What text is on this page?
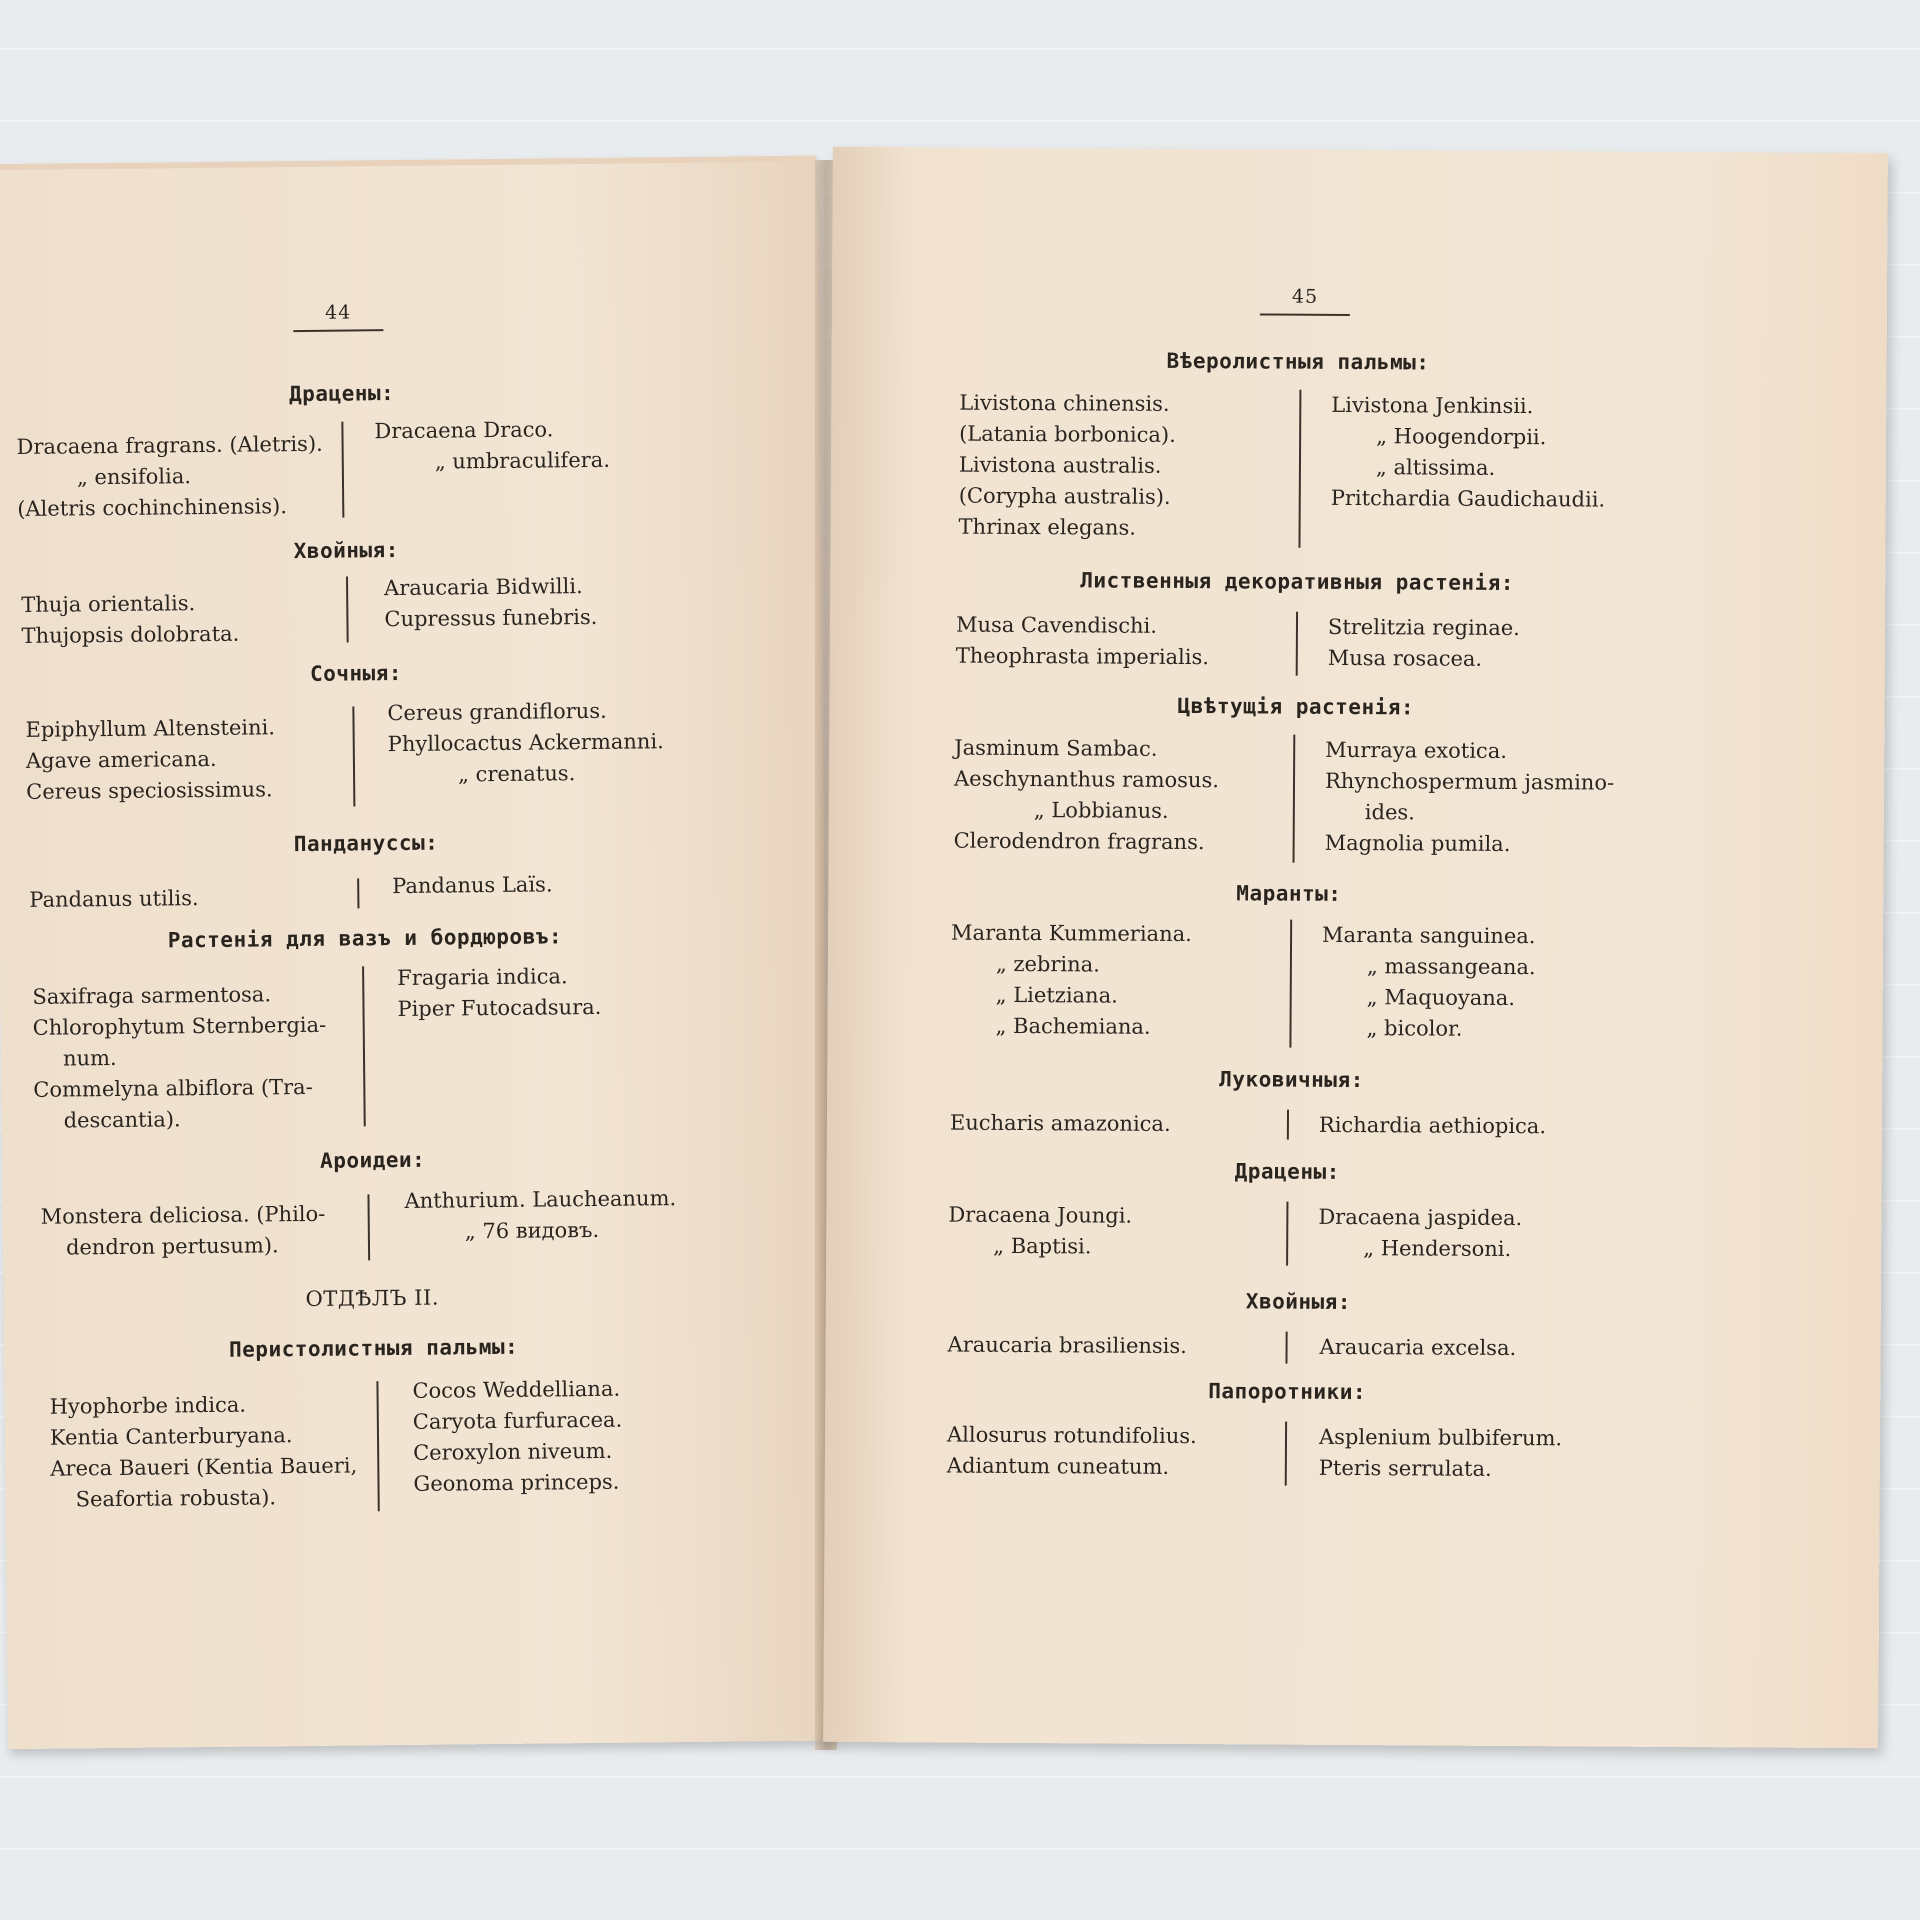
44
Драцены:
Dracaena fragrans. (Aletris).
„ ensifolia.
(Aletris cochinchinensis).
Dracaena Draco.
„ umbraculifera.
Хвойныя:
Thuja orientalis.
Thujopsis dolobrata.
Araucaria Bidwilli.
Cupressus funebris.
Сочныя:
Epiphyllum Altensteini.
Agave americana.
Cereus speciosissimus.
Cereus grandiflorus.
Phyllocactus Ackermanni.
„ crenatus.
Пандануссы:
Pandanus utilis.
Pandanus Laïs.
Растенія для вазъ и бордюровъ:
Saxifraga sarmentosa.
Chlorophytum Sternbergia-
num.
Commelyna albiflora (Tra-
descantia).
Fragaria indica.
Piper Futocadsura.
Ароидеи:
Monstera deliciosa. (Philo-
dendron pertusum).
Anthurium. Laucheanum.
„ 76 видовъ.
ОТДѢЛЪ II.
Перистолистныя пальмы:
Hyophorbe indica.
Kentia Canterburyana.
Areca Baueri (Kentia Baueri,
Seafortia robusta).
Cocos Weddelliana.
Caryota furfuracea.
Ceroxylon niveum.
Geonoma princeps.
45
Вѣеролистныя пальмы:
Livistona chinensis.
(Latania borbonica).
Livistona australis.
(Corypha australis).
Thrinax elegans.
Livistona Jenkinsii.
„ Hoogendorpii.
„ altissima.
Pritchardia Gaudichaudii.
Лиственныя декоративныя растенія:
Musa Cavendischi.
Theophrasta imperialis.
Strelitzia reginae.
Musa rosacea.
Цвѣтущія растенія:
Jasminum Sambac.
Aeschynanthus ramosus.
„ Lobbianus.
Clerodendron fragrans.
Murraya exotica.
Rhynchospermum jasmino-
ides.
Magnolia pumila.
Маранты:
Maranta Kummeriana.
„ zebrina.
„ Lietziana.
„ Bachemiana.
Maranta sanguinea.
„ massangeana.
„ Maquoyana.
„ bicolor.
Луковичныя:
Eucharis amazonica.	Richardia aethiopica.
Драцены:
Dracaena Joungi.
„ Baptisi.
Dracaena jaspidea.
„ Hendersoni.
Хвойныя:
Araucaria brasiliensis.	Araucaria excelsa.
Папоротники:
Allosurus rotundifolius.
Adiantum cuneatum.
Asplenium bulbiferum.
Pteris serrulata.
